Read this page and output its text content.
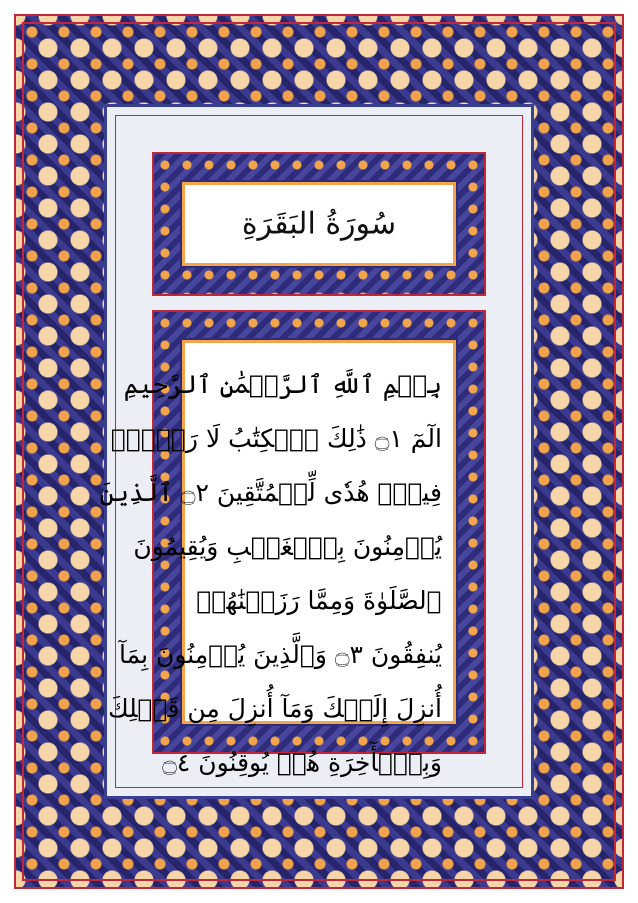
سُورَةُ البَقَرَةِ
بِسۡمِ ٱللَّهِ ٱلرَّحۡمَٰنِ ٱلرَّحِيمِ
الٓمٓ ۝١ ذَٰلِكَ ٱلۡكِتَٰبُ لَا رَيۡبَۛ
فِيهِۛ هُدٗى لِّلۡمُتَّقِينَ ۝٢ ٱلَّذِينَ
يُؤۡمِنُونَ بِٱلۡغَيۡبِ وَيُقِيمُونَ
ٱلصَّلَوٰةَ وَمِمَّا رَزَقۡنَٰهُمۡ
يُنفِقُونَ ۝٣ وَٱلَّذِينَ يُؤۡمِنُونَ بِمَآ
أُنزِلَ إِلَيۡكَ وَمَآ أُنزِلَ مِن قَبۡلِكَ
وَبِٱلۡأٓخِرَةِ هُمۡ يُوقِنُونَ ۝٤
